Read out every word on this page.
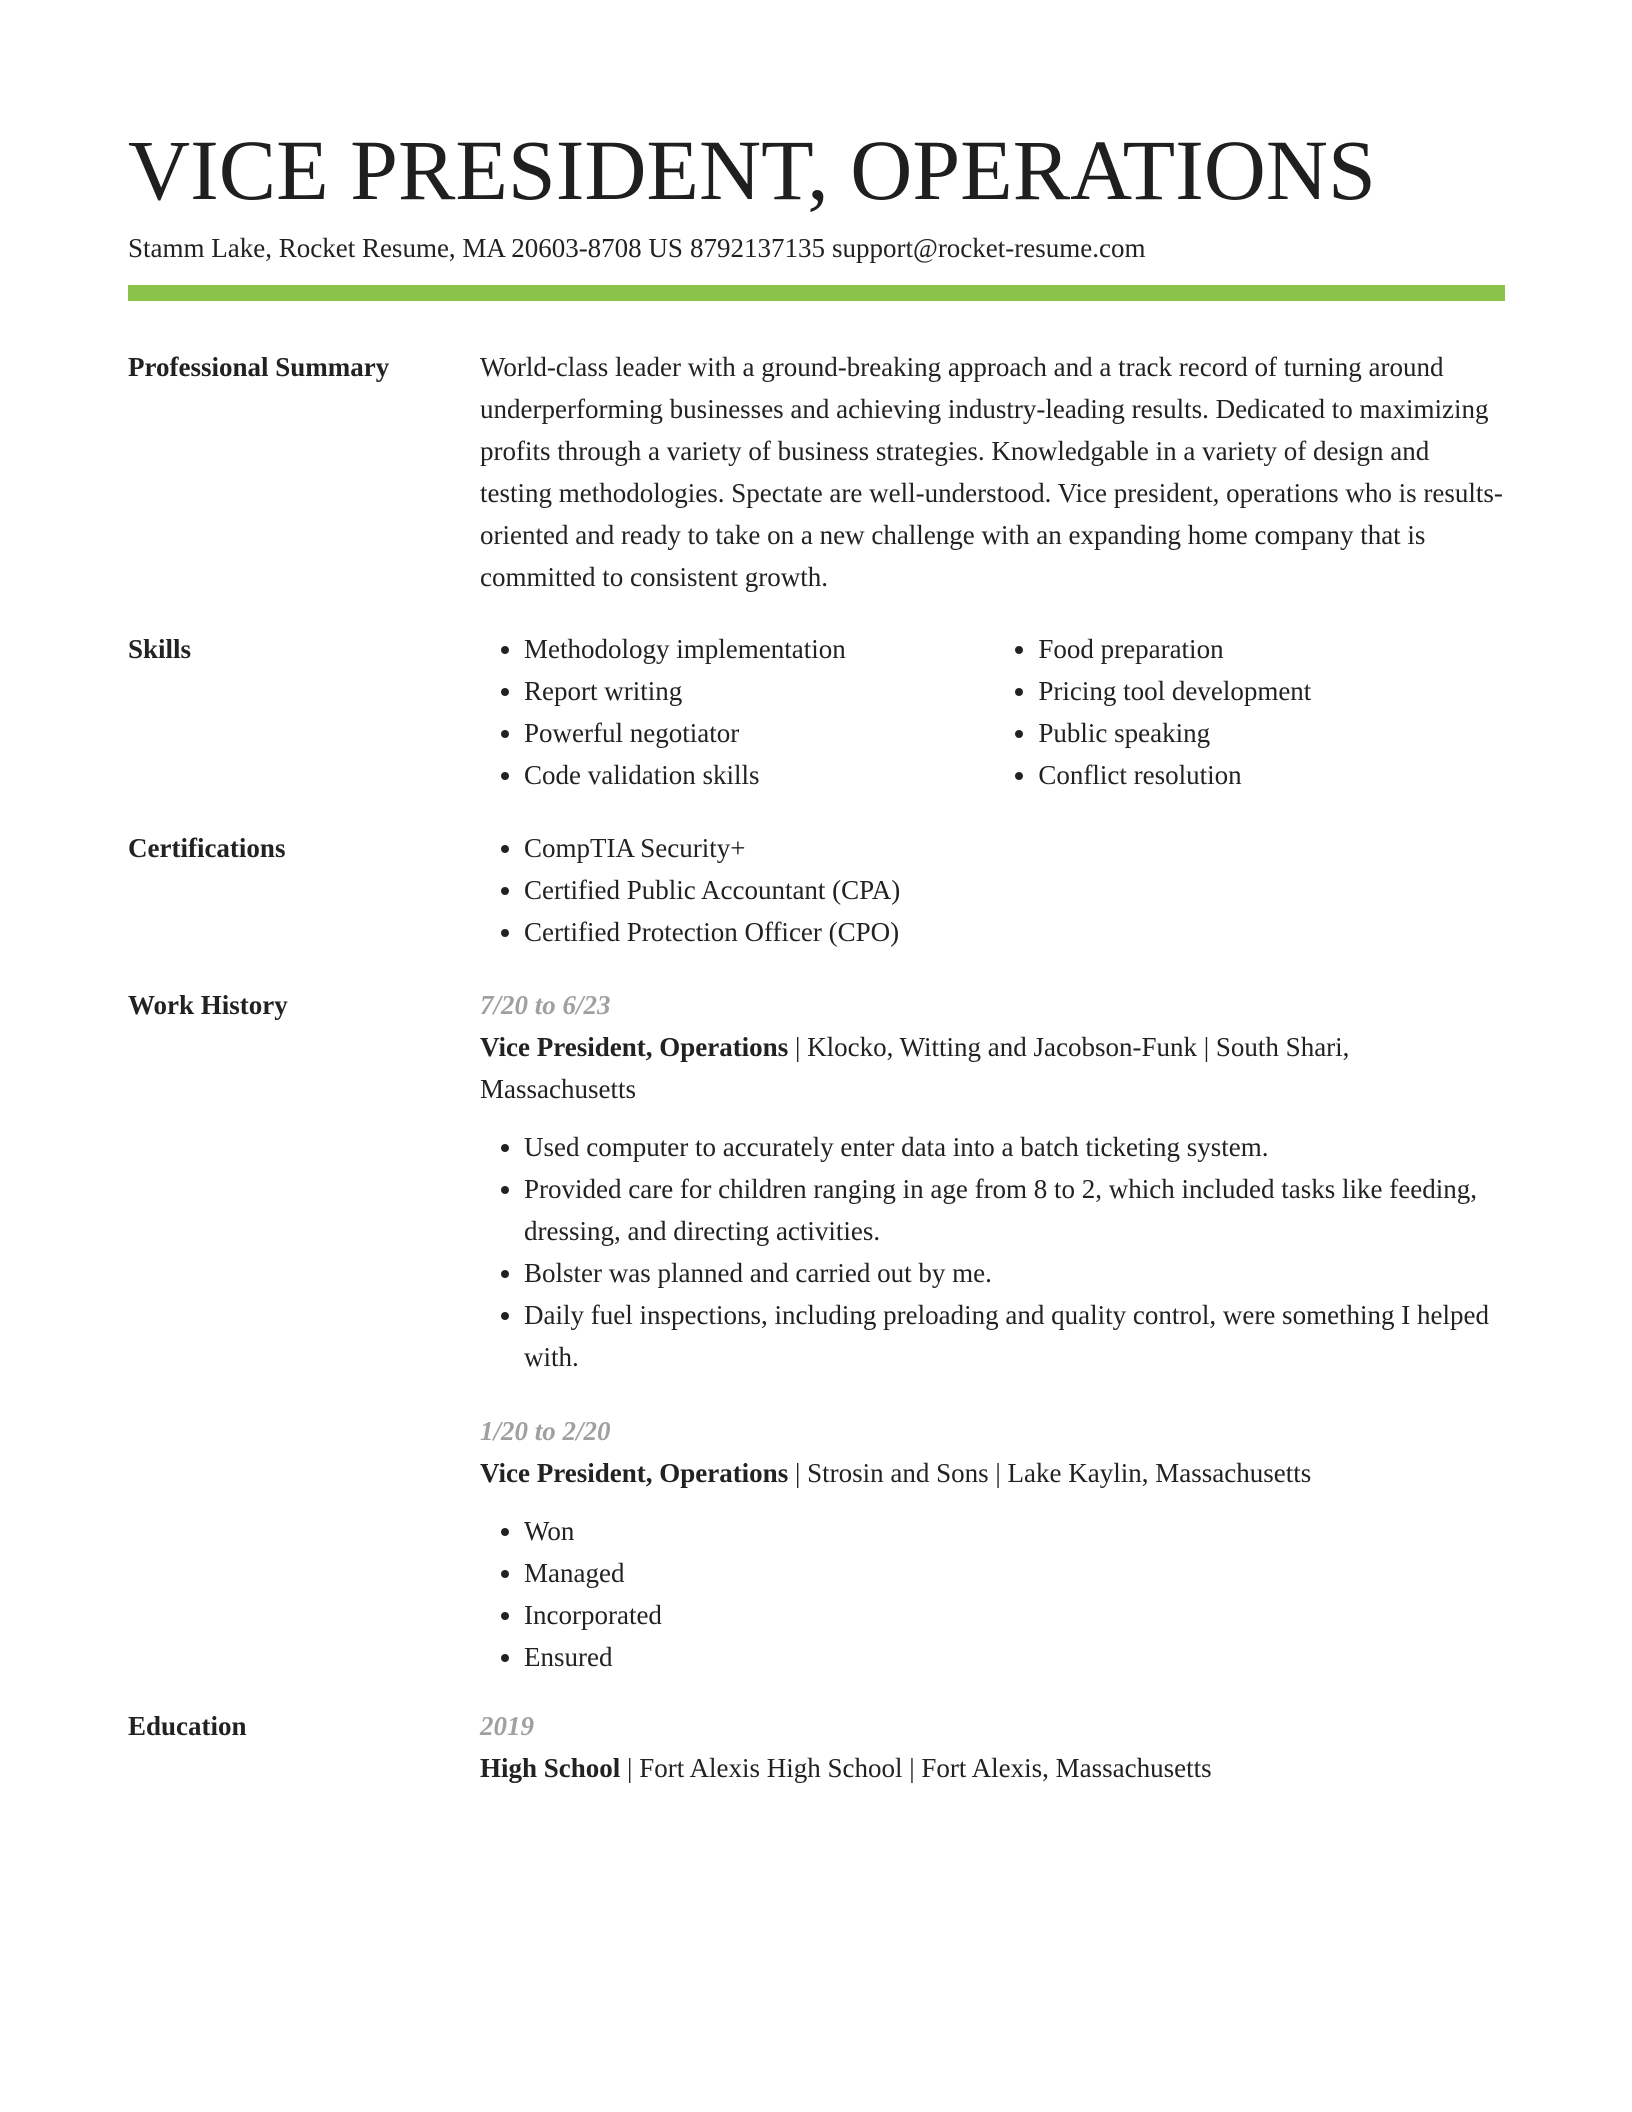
VICE PRESIDENT, OPERATIONS
Stamm Lake, Rocket Resume, MA 20603-8708 US 8792137135 support@rocket-resume.com
Professional Summary	World-class leader with a ground-breaking approach and a track record of turning around underperforming businesses and achieving industry-leading results. Dedicated to maximizing profits through a variety of business strategies. Knowledgable in a variety of design and testing methodologies. Spectate are well-understood. Vice president, operations who is results-oriented and ready to take on a new challenge with an expanding home company that is committed to consistent growth.

Skills	• Methodology implementation
• Report writing
• Powerful negotiator
• Code validation skills
• Food preparation
• Pricing tool development
• Public speaking
• Conflict resolution
Certifications	• CompTIA Security+
• Certified Public Accountant (CPA)
• Certified Protection Officer (CPO)
Work History	7/20 to 6/23
Vice President, Operations | Klocko, Witting and Jacobson-Funk | South Shari, Massachusetts
• Used computer to accurately enter data into a batch ticketing system.
• Provided care for children ranging in age from 8 to 2, which included tasks like feeding, dressing, and directing activities.
• Bolster was planned and carried out by me.
• Daily fuel inspections, including preloading and quality control, were something I helped with.
1/20 to 2/20
Vice President, Operations | Strosin and Sons | Lake Kaylin, Massachusetts
• Won
• Managed
• Incorporated
• Ensured
Education	2019
High School | Fort Alexis High School | Fort Alexis, Massachusetts
